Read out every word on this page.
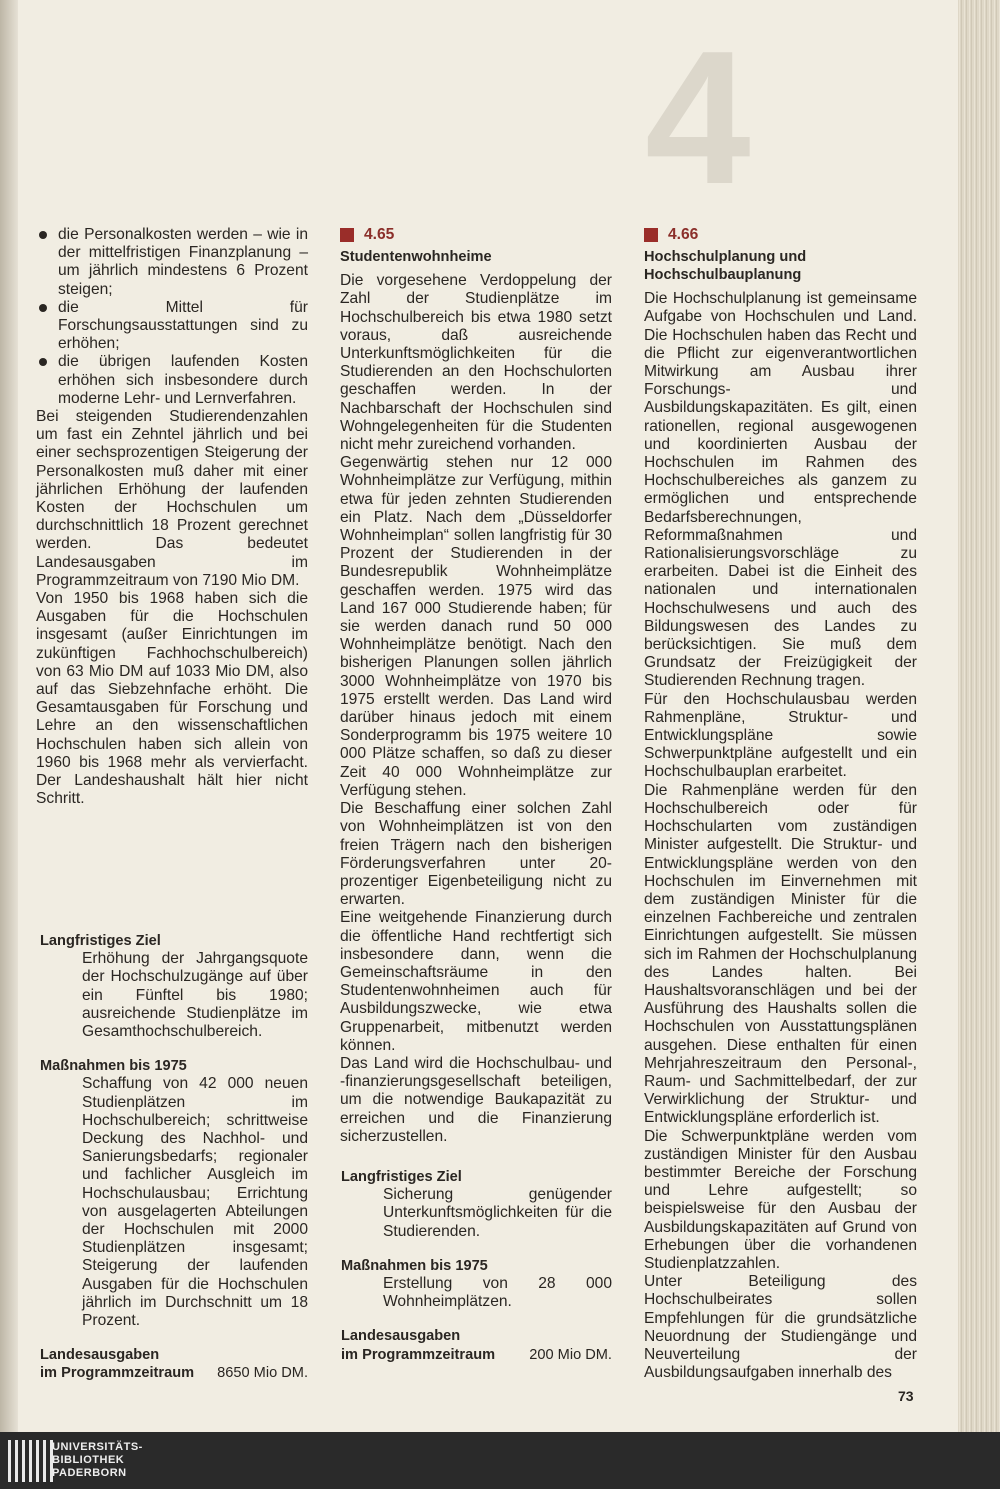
4
die Personalkosten werden – wie in der mittelfristigen Finanzplanung – um jährlich mindestens 6 Prozent steigen;
die Mittel für Forschungsausstattungen sind zu erhöhen;
die übrigen laufenden Kosten erhöhen sich insbesondere durch moderne Lehr- und Lernverfahren.

Bei steigenden Studierendenzahlen um fast ein Zehntel jährlich und bei einer sechsprozentigen Steigerung der Personalkosten muß daher mit einer jährlichen Erhöhung der laufenden Kosten der Hochschulen um durchschnittlich 18 Prozent gerechnet werden. Das bedeutet Landesausgaben im Programmzeitraum von 7190 Mio DM.

Von 1950 bis 1968 haben sich die Ausgaben für die Hochschulen insgesamt (außer Einrichtungen im zukünftigen Fachhochschulbereich) von 63 Mio DM auf 1033 Mio DM, also auf das Siebzehnfache erhöht. Die Gesamtausgaben für Forschung und Lehre an den wissenschaftlichen Hochschulen haben sich allein von 1960 bis 1968 mehr als vervierfacht. Der Landeshaushalt hält hier nicht Schritt.

Langfristiges Ziel

Erhöhung der Jahrgangsquote der Hochschulzugänge auf über ein Fünftel bis 1980; ausreichende Studienplätze im Gesamthochschulbereich.

Maßnahmen bis 1975

Schaffung von 42 000 neuen Studienplätzen im Hochschulbereich; schrittweise Deckung des Nachhol- und Sanierungsbedarfs; regionaler und fachlicher Ausgleich im Hochschulausbau; Errichtung von ausgelagerten Abteilungen der Hochschulen mit 2000 Studienplätzen insgesamt; Steigerung der laufenden Ausgaben für die Hochschulen jährlich im Durchschnitt um 18 Prozent.

Landesausgaben

im Programmzeitraum 8650 Mio DM.
4.65
Studentenwohnheime

Die vorgesehene Verdoppelung der Zahl der Studienplätze im Hochschulbereich bis etwa 1980 setzt voraus, daß ausreichende Unterkunftsmöglichkeiten für die Studierenden an den Hochschulorten geschaffen werden. In der Nachbarschaft der Hochschulen sind Wohngelegenheiten für die Studenten nicht mehr zureichend vorhanden.

Gegenwärtig stehen nur 12 000 Wohnheimplätze zur Verfügung, mithin etwa für jeden zehnten Studierenden ein Platz. Nach dem „Düsseldorfer Wohnheimplan“ sollen langfristig für 30 Prozent der Studierenden in der Bundesrepublik Wohnheimplätze geschaffen werden. 1975 wird das Land 167 000 Studierende haben; für sie werden danach rund 50 000 Wohnheimplätze benötigt. Nach den bisherigen Planungen sollen jährlich 3000 Wohnheimplätze von 1970 bis 1975 erstellt werden. Das Land wird darüber hinaus jedoch mit einem Sonderprogramm bis 1975 weitere 10 000 Plätze schaffen, so daß zu dieser Zeit 40 000 Wohnheimplätze zur Verfügung stehen.

Die Beschaffung einer solchen Zahl von Wohnheimplätzen ist von den freien Trägern nach den bisherigen Förderungsverfahren unter 20-prozentiger Eigenbeteiligung nicht zu erwarten.

Eine weitgehende Finanzierung durch die öffentliche Hand rechtfertigt sich insbesondere dann, wenn die Gemeinschaftsräume in den Studentenwohnheimen auch für Ausbildungszwecke, wie etwa Gruppenarbeit, mitbenutzt werden können.

Das Land wird die Hochschulbau- und -finanzierungsgesellschaft beteiligen, um die notwendige Baukapazität zu erreichen und die Finanzierung sicherzustellen.

Langfristiges Ziel

Sicherung genügender Unterkunftsmöglichkeiten für die Studierenden.

Maßnahmen bis 1975

Erstellung von 28 000 Wohnheimplätzen.

Landesausgaben

im Programmzeitraum 200 Mio DM.
4.66
Hochschulplanung und Hochschulbauplanung

Die Hochschulplanung ist gemeinsame Aufgabe von Hochschulen und Land. Die Hochschulen haben das Recht und die Pflicht zur eigenverantwortlichen Mitwirkung am Ausbau ihrer Forschungs- und Ausbildungskapazitäten. Es gilt, einen rationellen, regional ausgewogenen und koordinierten Ausbau der Hochschulen im Rahmen des Hochschulbereiches als ganzem zu ermöglichen und entsprechende Bedarfsberechnungen, Reformmaßnahmen und Rationalisierungsvorschläge zu erarbeiten. Dabei ist die Einheit des nationalen und internationalen Hochschulwesens und auch des Bildungswesen des Landes zu berücksichtigen. Sie muß dem Grundsatz der Freizügigkeit der Studierenden Rechnung tragen.

Für den Hochschulausbau werden Rahmenpläne, Struktur- und Entwicklungspläne sowie Schwerpunktpläne aufgestellt und ein Hochschulbauplan erarbeitet.

Die Rahmenpläne werden für den Hochschulbereich oder für Hochschularten vom zuständigen Minister aufgestellt. Die Struktur- und Entwicklungspläne werden von den Hochschulen im Einvernehmen mit dem zuständigen Minister für die einzelnen Fachbereiche und zentralen Einrichtungen aufgestellt. Sie müssen sich im Rahmen der Hochschulplanung des Landes halten. Bei Haushaltsvoranschlägen und bei der Ausführung des Haushalts sollen die Hochschulen von Ausstattungsplänen ausgehen. Diese enthalten für einen Mehrjahreszeitraum den Personal-, Raum- und Sachmittelbedarf, der zur Verwirklichung der Struktur- und Entwicklungspläne erforderlich ist.

Die Schwerpunktpläne werden vom zuständigen Minister für den Ausbau bestimmter Bereiche der Forschung und Lehre aufgestellt; so beispielsweise für den Ausbau der Ausbildungskapazitäten auf Grund von Erhebungen über die vorhandenen Studienplatzzahlen.

Unter Beteiligung des Hochschulbeirates sollen Empfehlungen für die grundsätzliche Neuordnung der Studiengänge und Neuverteilung der Ausbildungsaufgaben innerhalb des

73
UNIVERSITÄTS-
BIBLIOTHEK
PADERBORN
